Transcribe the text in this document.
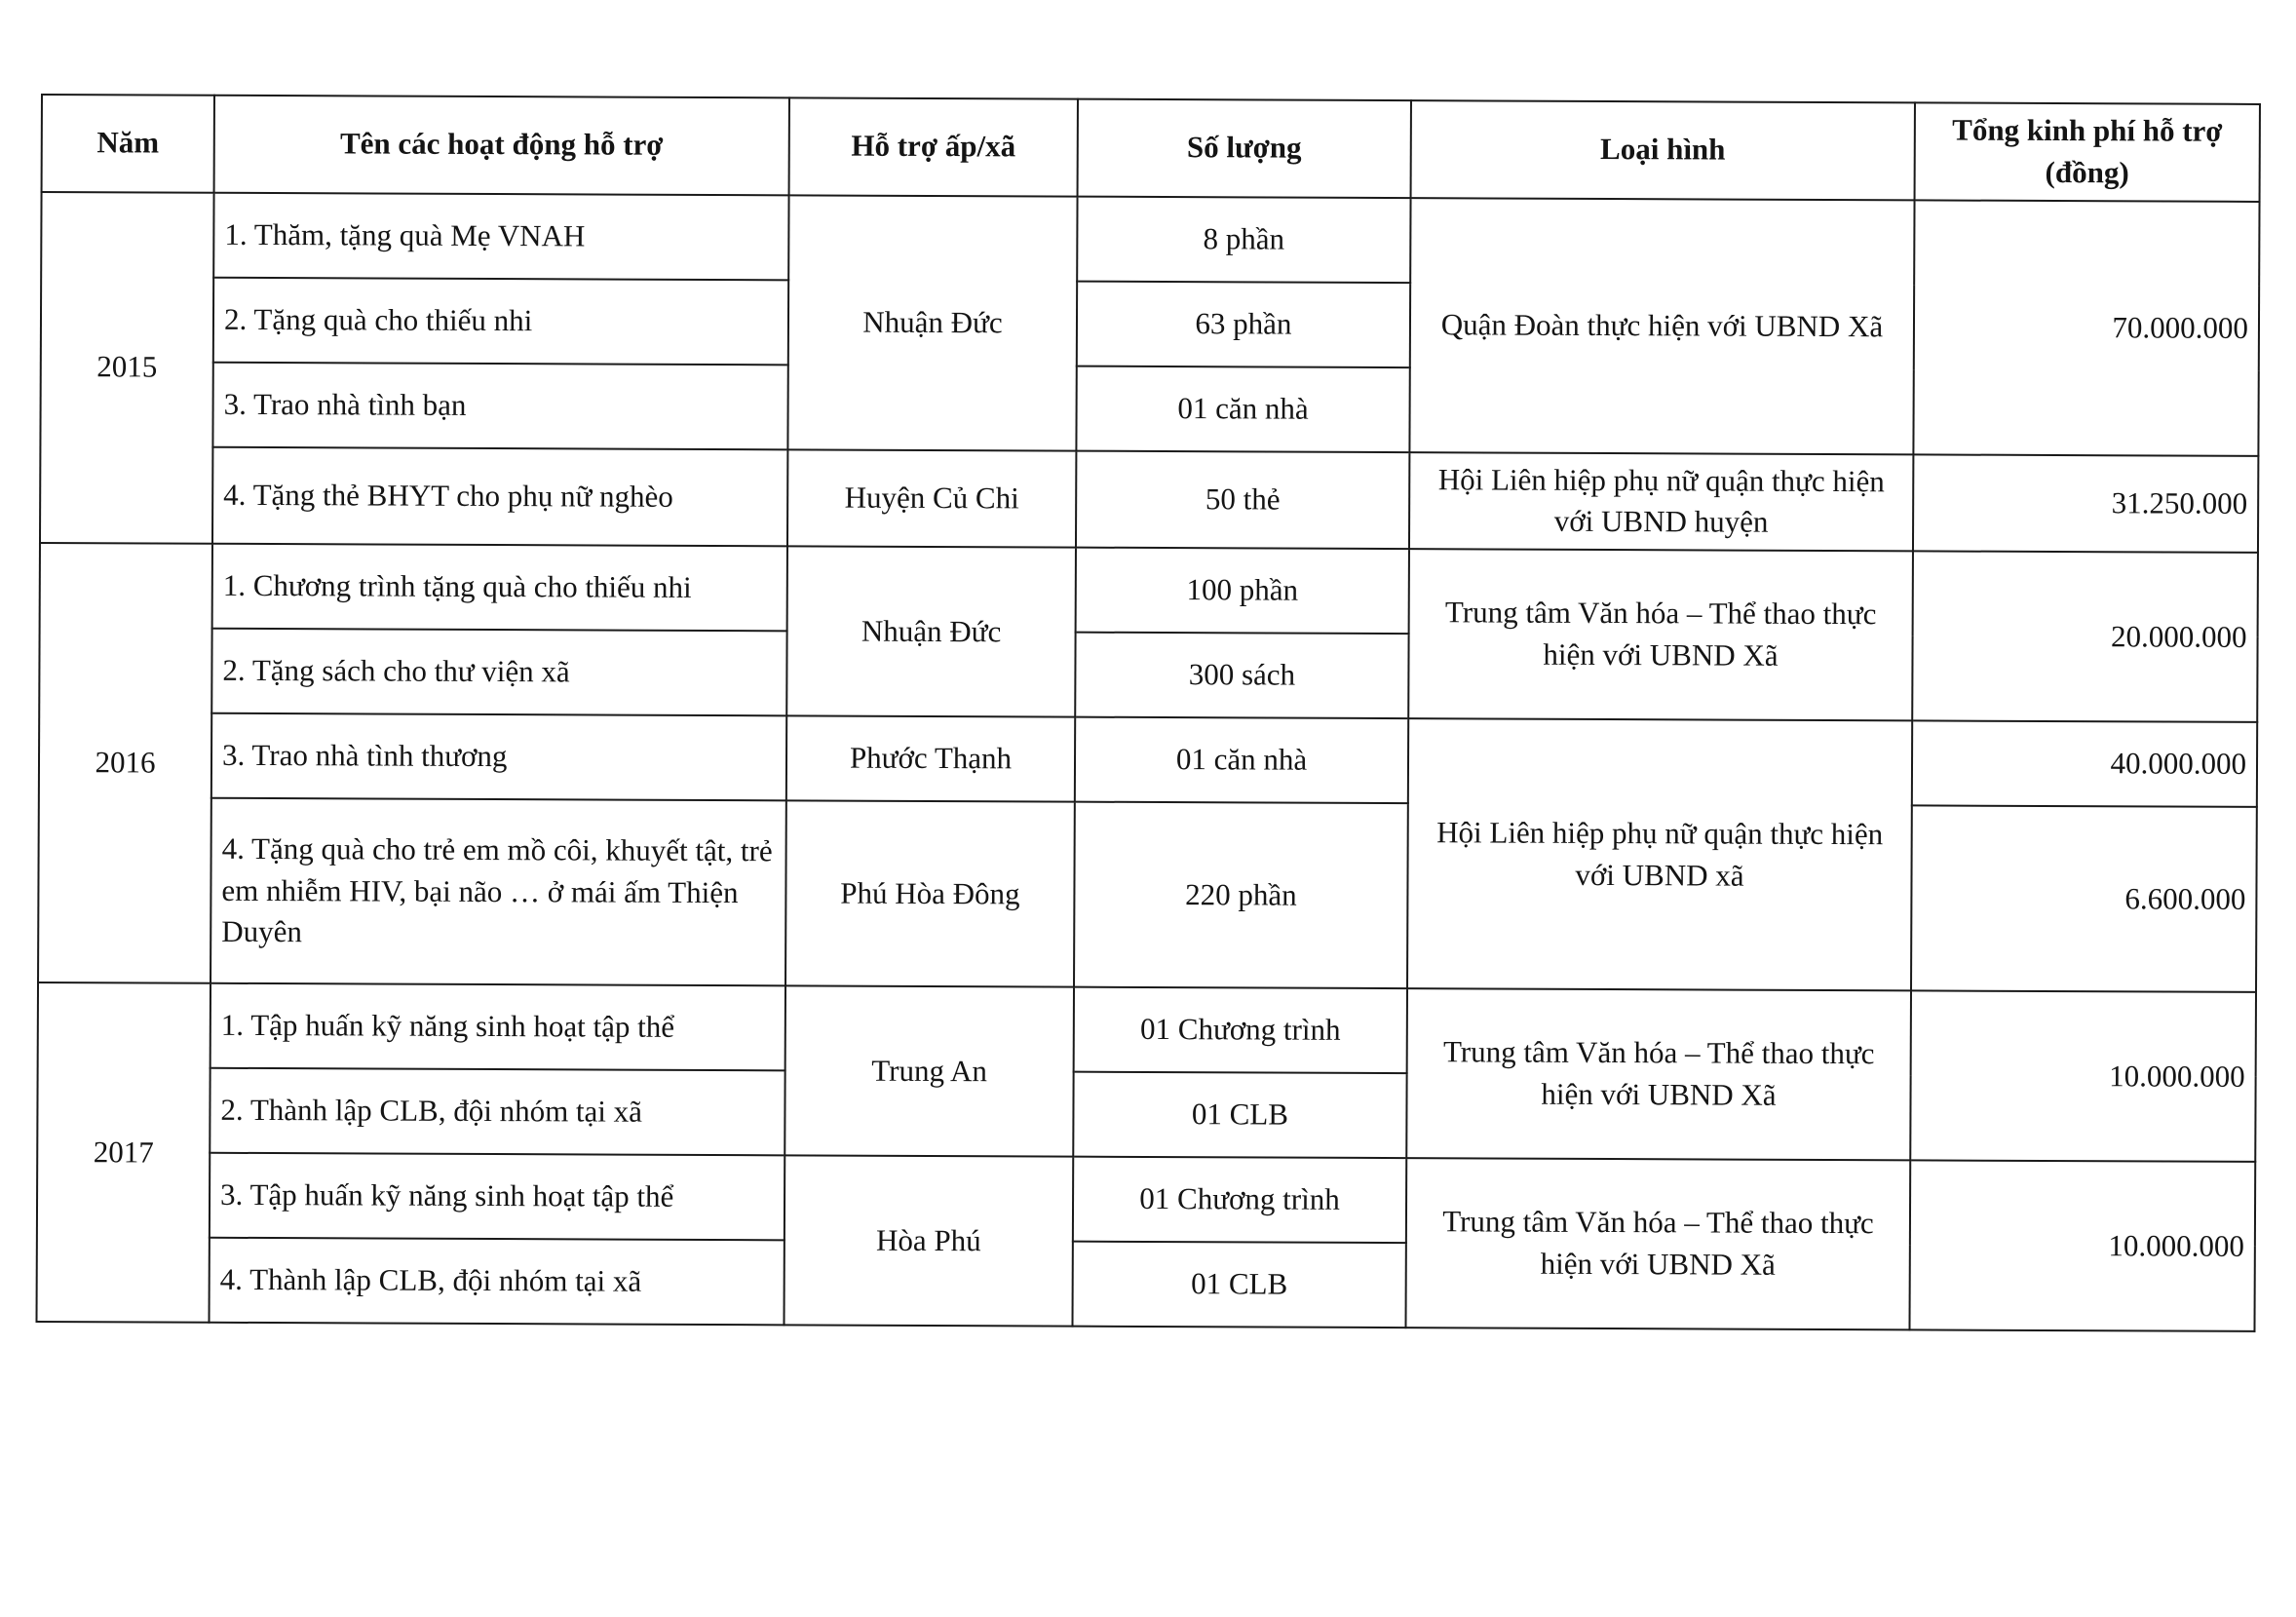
Năm	Tên các hoạt động hỗ trợ	Hỗ trợ ấp/xã	Số lượng	Loại hình	Tổng kinh phí hỗ trợ (đồng)
2015	1. Thăm, tặng quà Mẹ VNAH	Nhuận Đức	8 phần	Quận Đoàn thực hiện với UBND Xã	70.000.000
	2. Tặng quà cho thiếu nhi		63 phần		
	3. Trao nhà tình bạn		01 căn nhà		
	4. Tặng thẻ BHYT cho phụ nữ nghèo	Huyện Củ Chi	50 thẻ	Hội Liên hiệp phụ nữ quận thực hiện với UBND huyện	31.250.000
2016	1. Chương trình tặng quà cho thiếu nhi	Nhuận Đức	100 phần	Trung tâm Văn hóa – Thể thao thực hiện với UBND Xã	20.000.000
	2. Tặng sách cho thư viện xã		300 sách		
	3. Trao nhà tình thương	Phước Thạnh	01 căn nhà	Hội Liên hiệp phụ nữ quận thực hiện với UBND xã	40.000.000
	4. Tặng quà cho trẻ em mồ côi, khuyết tật, trẻ em nhiễm HIV, bại não … ở mái ấm Thiện Duyên	Phú Hòa Đông	220 phần		6.600.000
2017	1. Tập huấn kỹ năng sinh hoạt tập thể	Trung An	01 Chương trình	Trung tâm Văn hóa – Thể thao thực hiện với UBND Xã	10.000.000
	2. Thành lập CLB, đội nhóm tại xã		01 CLB		
	3. Tập huấn kỹ năng sinh hoạt tập thể	Hòa Phú	01 Chương trình	Trung tâm Văn hóa – Thể thao thực hiện với UBND Xã	10.000.000
	4. Thành lập CLB, đội nhóm tại xã		01 CLB		
